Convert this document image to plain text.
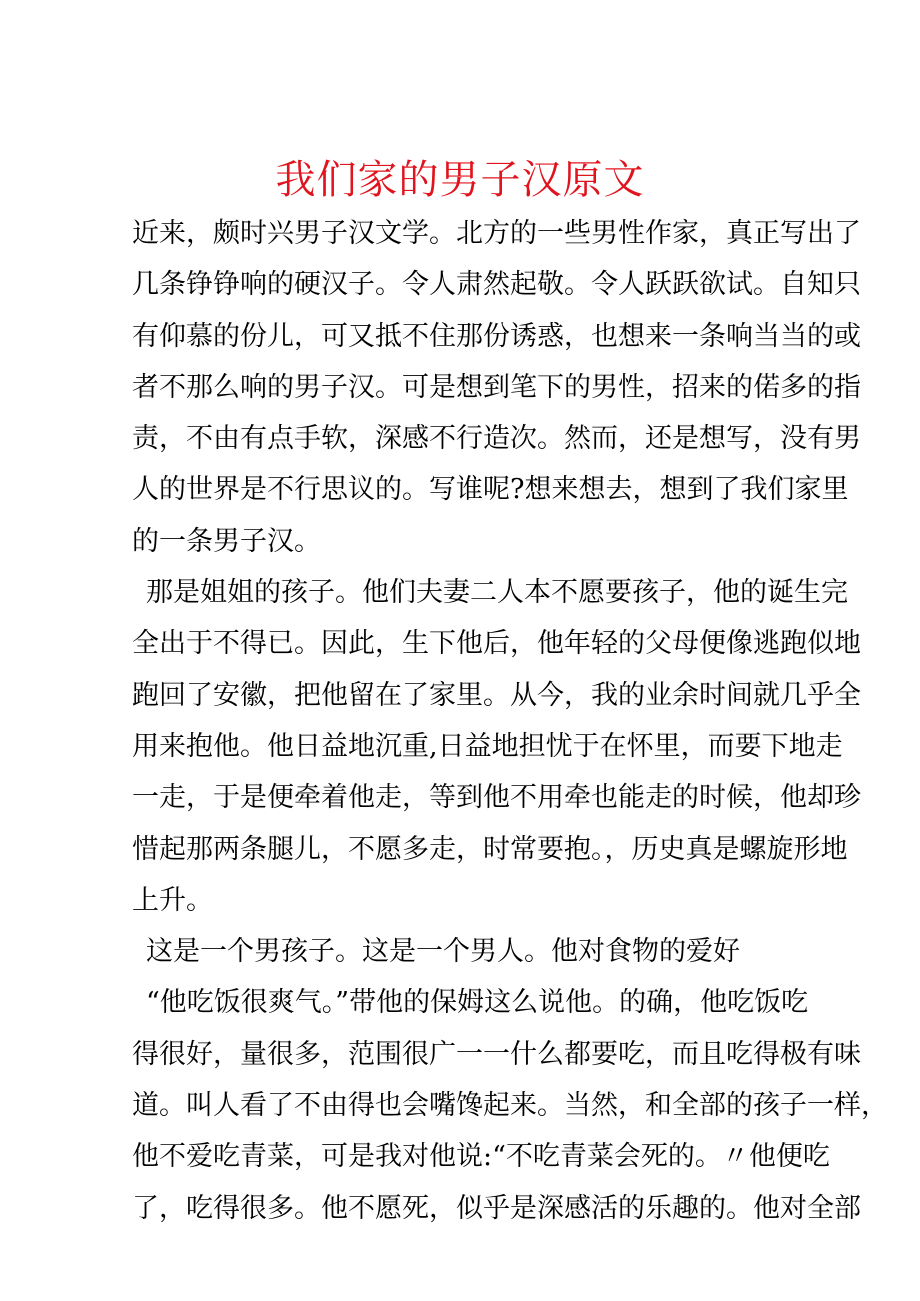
我们家的男子汉原文
近来，颇时兴男子汉文学。北方的一些男性作家，真正写出了
几条铮铮响的硬汉子。令人肃然起敬。令人跃跃欲试。自知只
有仰慕的份儿，可又抵不住那份诱惑，也想来一条响当当的或
者不那么响的男子汉。可是想到笔下的男性，招来的偌多的指
责，不由有点手软，深感不行造次。然而，还是想写，没有男
人的世界是不行思议的。写谁呢?想来想去，想到了我们家里
的一条男子汉。
那是姐姐的孩子。他们夫妻二人本不愿要孩子，他的诞生完
全出于不得已。因此，生下他后，他年轻的父母便像逃跑似地
跑回了安徽，把他留在了家里。从今，我的业余时间就几乎全
用来抱他。他日益地沉重,日益地担忧于在怀里，而要下地走
一走，于是便牵着他走，等到他不用牵也能走的时候，他却珍
惜起那两条腿儿，不愿多走，时常要抱。，历史真是螺旋形地
上升。
这是一个男孩子。这是一个男人。他对食物的爱好
“他吃饭很爽气。”带他的保姆这么说他。的确，他吃饭吃
得很好，量很多，范围很广一一什么都要吃，而且吃得极有味
道。叫人看了不由得也会嘴馋起来。当然，和全部的孩子一样，
他不爱吃青菜，可是我对他说:“不吃青菜会死的。〃他便吃
了，吃得很多。他不愿死，似乎是深感活的乐趣的。他对全部
